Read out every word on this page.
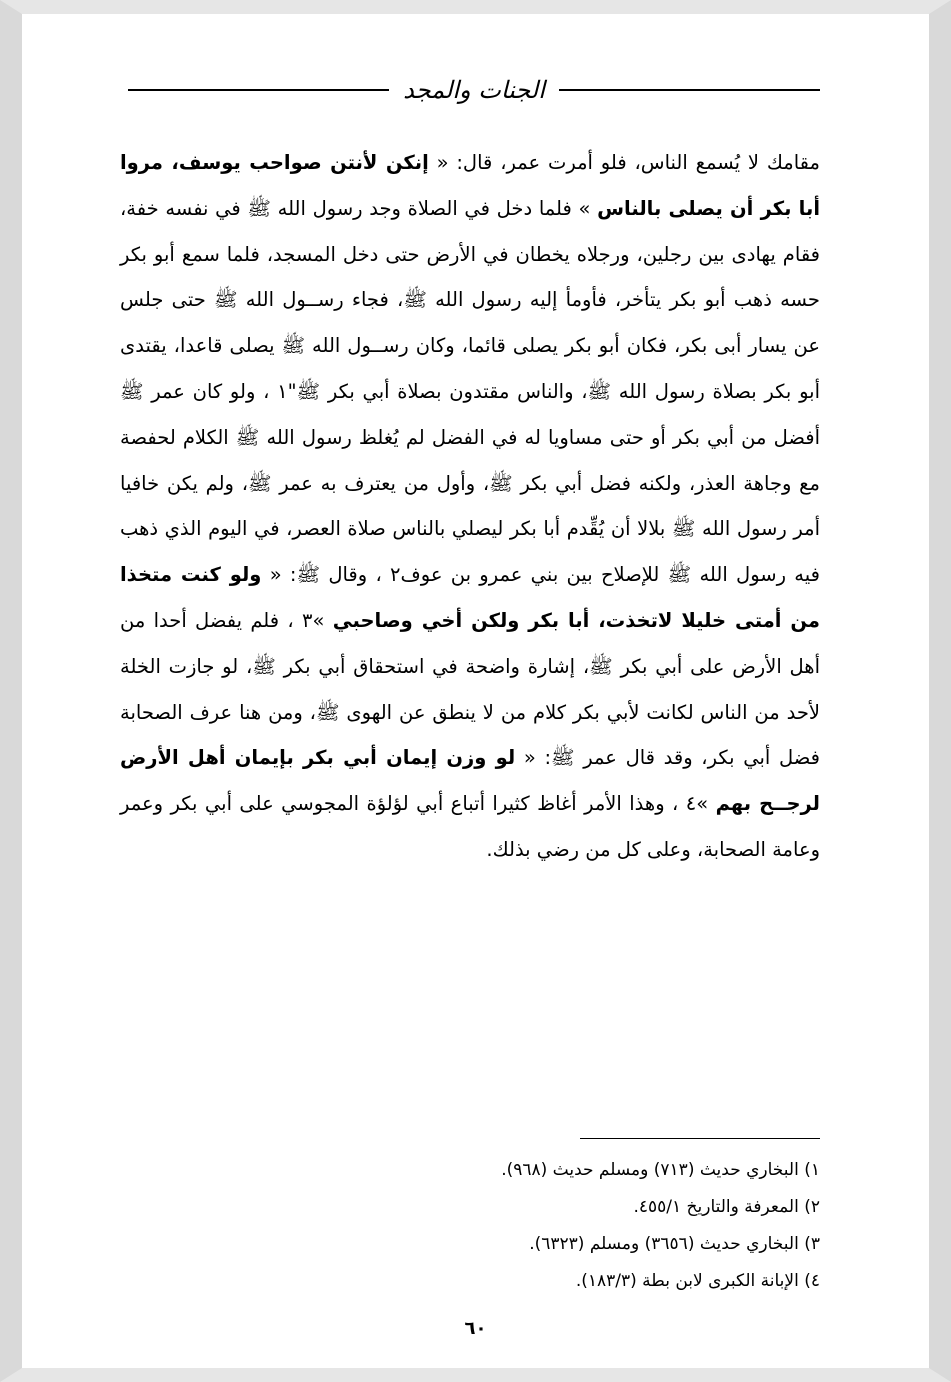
الجنات والمجد

مقامك لا يُسمع الناس، فلو أمرت عمر، قال: « إنكن لأنتن صواحب يوسف، مروا أبا بكر أن يصلى بالناس » فلما دخل في الصلاة وجد رسول الله ﷺ في نفسه خفة، فقام يهادى بين رجلين، ورجلاه يخطان في الأرض حتى دخل المسجد، فلما سمع أبو بكر حسه ذهب أبو بكر يتأخر، فأومأ إليه رسول الله ﷺ، فجاء رســول الله ﷺ حتى جلس عن يسار أبى بكر، فكان أبو بكر يصلى قائما، وكان رســول الله ﷺ يصلى قاعدا، يقتدى أبو بكر بصلاة رسول الله ﷺ، والناس مقتدون بصلاة أبي بكر ﷺ"١ ، ولو كان عمر ﷺ أفضل من أبي بكر أو حتى مساويا له في الفضل لم يُغلظ رسول الله ﷺ الكلام لحفصة مع وجاهة العذر، ولكنه فضل أبي بكر ﷺ، وأول من يعترف به عمر ﷺ، ولم يكن خافيا أمر رسول الله ﷺ بلالا أن يُقِّدم أبا بكر ليصلي بالناس صلاة العصر، في اليوم الذي ذهب فيه رسول الله ﷺ للإصلاح بين بني عمرو بن عوف٢ ، وقال ﷺ: « ولو كنت متخذا من أمتى خليلا لاتخذت، أبا بكر ولكن أخي وصاحبي »٣ ، فلم يفضل أحدا من أهل الأرض على أبي بكر ﷺ، إشارة واضحة في استحقاق أبي بكر ﷺ، لو جازت الخلة لأحد من الناس لكانت لأبي بكر كلام من لا ينطق عن الهوى ﷺ، ومن هنا عرف الصحابة فضل أبي بكر، وقد قال عمر ﷺ: « لو وزن إيمان أبي بكر بإيمان أهل الأرض لرجــح بهم »٤ ، وهذا الأمر أغاظ كثيرا أتباع أبي لؤلؤة المجوسي على أبي بكر وعمر وعامة الصحابة، وعلى كل من رضي بذلك.

١) البخاري حديث (٧١٣) ومسلم حديث (٩٦٨).
٢) المعرفة والتاريخ ٤٥٥/١.
٣) البخاري حديث (٣٦٥٦) ومسلم (٦٣٢٣).
٤) الإبانة الكبرى لابن بطة (١٨٣/٣).
٦٠
